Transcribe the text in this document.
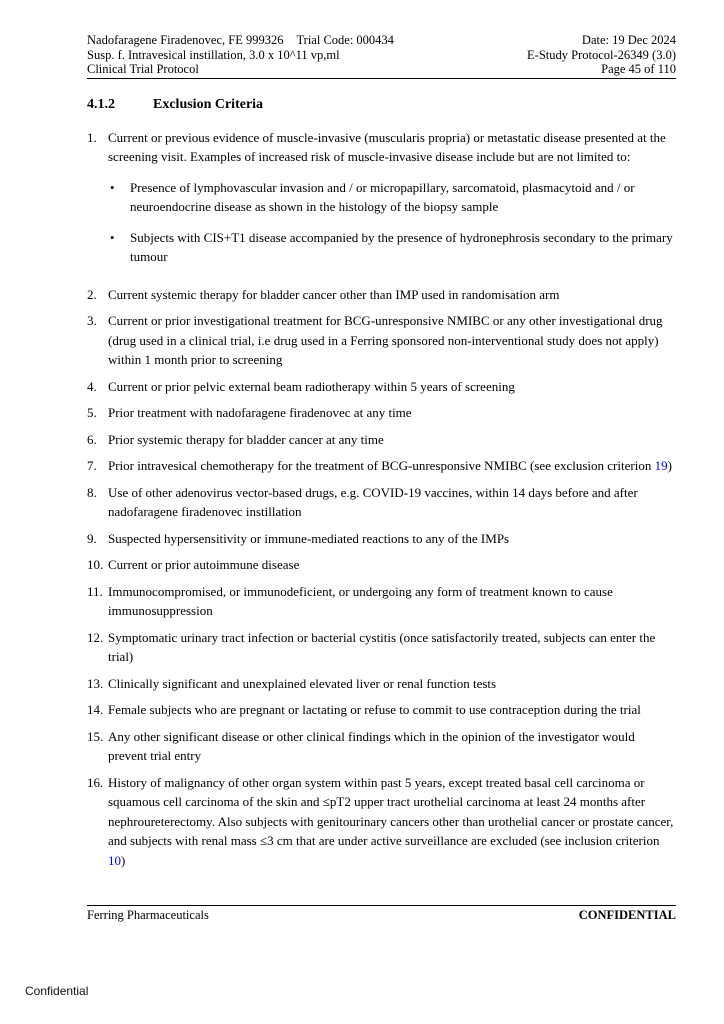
Nadofaragene Firadenovec, FE 999326 Trial Code: 000434	Date: 19 Dec 2024
Susp. f. Intravesical instillation, 3.0 x 10^11 vp,ml	E-Study Protocol-26349 (3.0)
Clinical Trial Protocol	Page 45 of 110
4.1.2	Exclusion Criteria
1. Current or previous evidence of muscle-invasive (muscularis propria) or metastatic disease presented at the screening visit. Examples of increased risk of muscle-invasive disease include but are not limited to:
•	Presence of lymphovascular invasion and / or micropapillary, sarcomatoid, plasmacytoid and / or neuroendocrine disease as shown in the histology of the biopsy sample
•	Subjects with CIS+T1 disease accompanied by the presence of hydronephrosis secondary to the primary tumour
2. Current systemic therapy for bladder cancer other than IMP used in randomisation arm
3. Current or prior investigational treatment for BCG-unresponsive NMIBC or any other investigational drug (drug used in a clinical trial, i.e drug used in a Ferring sponsored non-interventional study does not apply) within 1 month prior to screening
4. Current or prior pelvic external beam radiotherapy within 5 years of screening
5. Prior treatment with nadofaragene firadenovec at any time
6. Prior systemic therapy for bladder cancer at any time
7. Prior intravesical chemotherapy for the treatment of BCG-unresponsive NMIBC (see exclusion criterion 19)
8. Use of other adenovirus vector-based drugs, e.g. COVID-19 vaccines, within 14 days before and after nadofaragene firadenovec instillation
9. Suspected hypersensitivity or immune-mediated reactions to any of the IMPs
10. Current or prior autoimmune disease
11. Immunocompromised, or immunodeficient, or undergoing any form of treatment known to cause immunosuppression
12. Symptomatic urinary tract infection or bacterial cystitis (once satisfactorily treated, subjects can enter the trial)
13. Clinically significant and unexplained elevated liver or renal function tests
14. Female subjects who are pregnant or lactating or refuse to commit to use contraception during the trial
15. Any other significant disease or other clinical findings which in the opinion of the investigator would prevent trial entry
16. History of malignancy of other organ system within past 5 years, except treated basal cell carcinoma or squamous cell carcinoma of the skin and ≤pT2 upper tract urothelial carcinoma at least 24 months after nephroureterectomy. Also subjects with genitourinary cancers other than urothelial cancer or prostate cancer, and subjects with renal mass ≤3 cm that are under active surveillance are excluded (see inclusion criterion 10)
Ferring Pharmaceuticals	CONFIDENTIAL
Confidential
